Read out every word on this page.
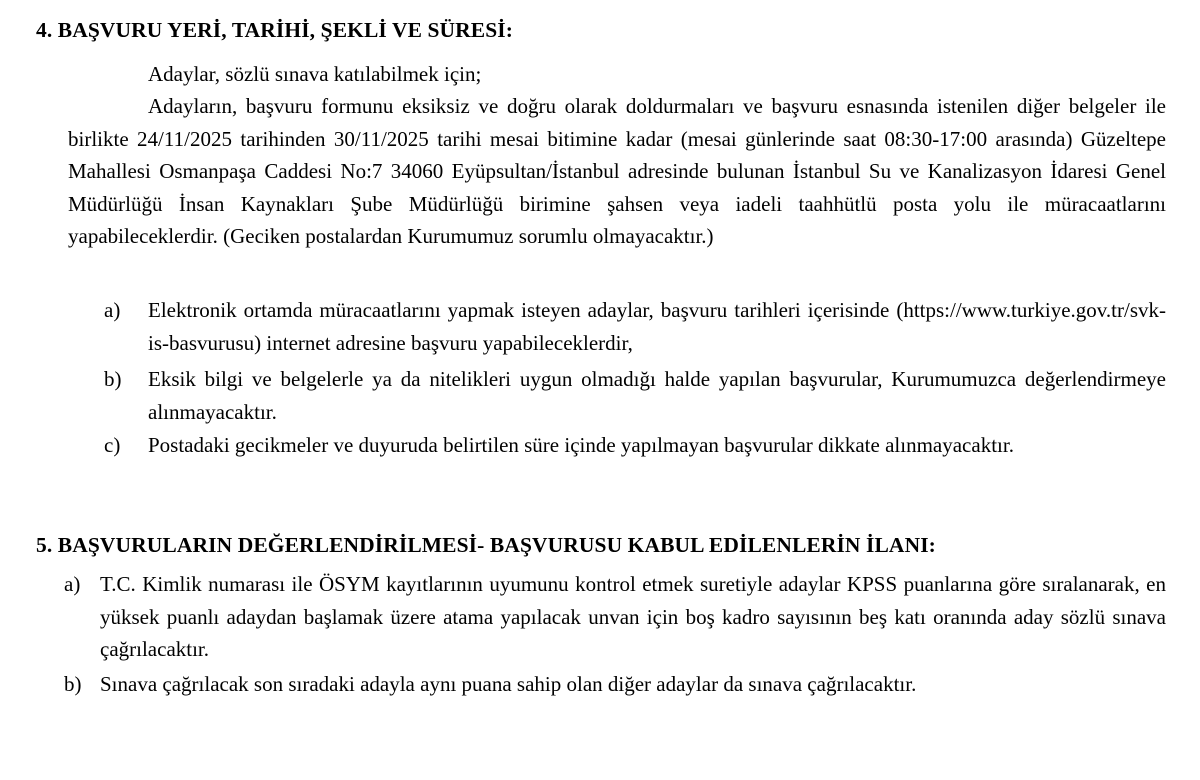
4. BAŞVURU YERİ, TARİHİ, ŞEKLİ VE SÜRESİ:
Adaylar, sözlü sınava katılabilmek için;
Adayların, başvuru formunu eksiksiz ve doğru olarak doldurmaları ve başvuru esnasında istenilen diğer belgeler ile birlikte 24/11/2025 tarihinden 30/11/2025 tarihi mesai bitimine kadar (mesai günlerinde saat 08:30-17:00 arasında) Güzeltepe Mahallesi Osmanpaşa Caddesi No:7 34060 Eyüpsultan/İstanbul adresinde bulunan İstanbul Su ve Kanalizasyon İdaresi Genel Müdürlüğü İnsan Kaynakları Şube Müdürlüğü birimine şahsen veya iadeli taahhütlü posta yolu ile müracaatlarını yapabileceklerdir. (Geciken postalardan Kurumumuz sorumlu olmayacaktır.)
a)	Elektronik ortamda müracaatlarını yapmak isteyen adaylar, başvuru tarihleri içerisinde (https://www.turkiye.gov.tr/svk-is-basvurusu) internet adresine başvuru yapabileceklerdir,
b)	Eksik bilgi ve belgelerle ya da nitelikleri uygun olmadığı halde yapılan başvurular, Kurumumuzca değerlendirmeye alınmayacaktır.
c)	Postadaki gecikmeler ve duyuruda belirtilen süre içinde yapılmayan başvurular dikkate alınmayacaktır.
5. BAŞVURULARIN DEĞERLENDİRİLMESİ- BAŞVURUSU KABUL EDİLENLERİN İLANI:
a) T.C. Kimlik numarası ile ÖSYM kayıtlarının uyumunu kontrol etmek suretiyle adaylar KPSS puanlarına göre sıralanarak, en yüksek puanlı adaydan başlamak üzere atama yapılacak unvan için boş kadro sayısının beş katı oranında aday sözlü sınava çağrılacaktır.
b) Sınava çağrılacak son sıradaki adayla aynı puana sahip olan diğer adaylar da sınava çağrılacaktır.
